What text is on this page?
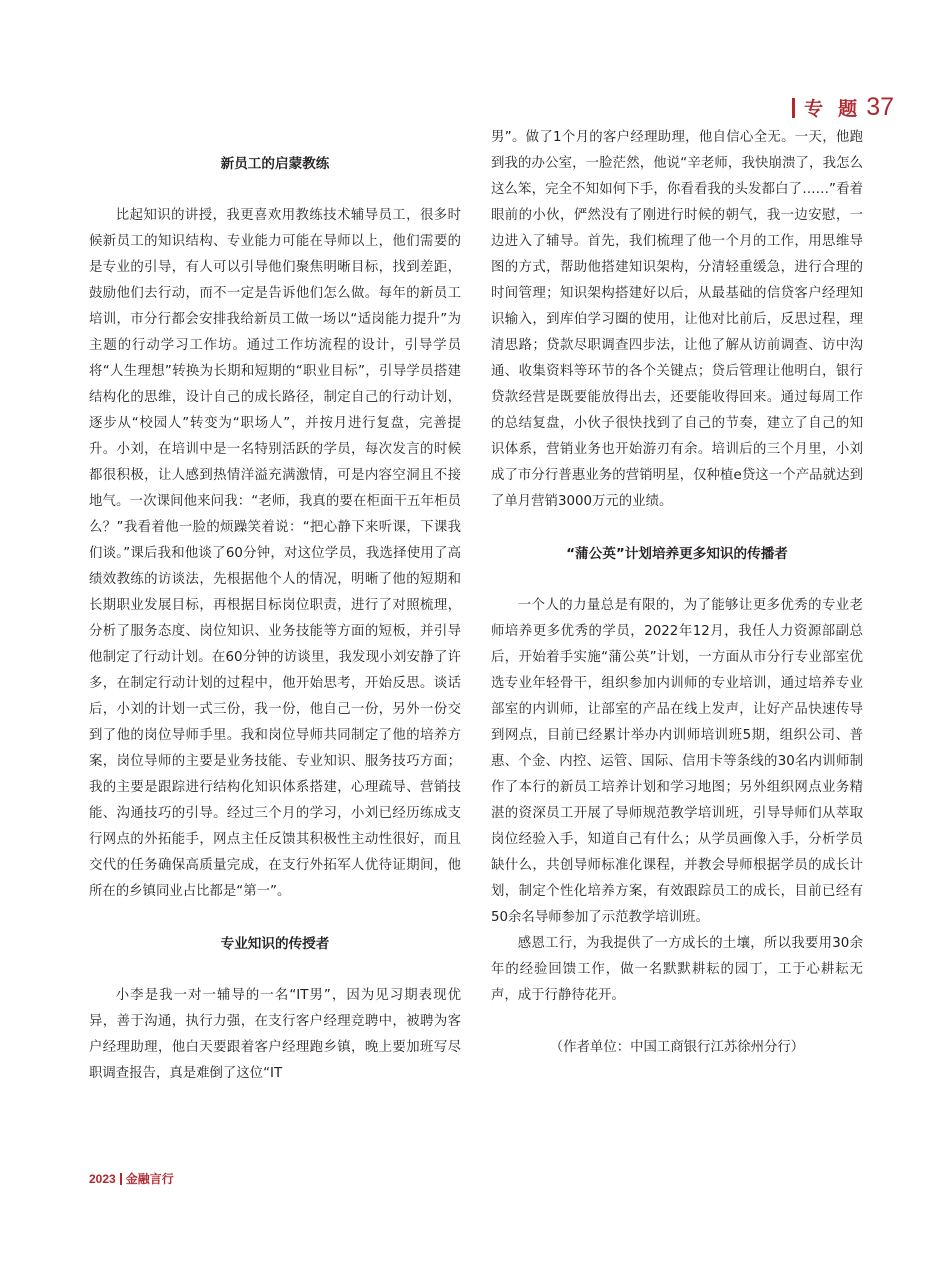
专题
37
新员工的启蒙教练

比起知识的讲授，我更喜欢用教练技术辅导员工，很多时候新员工的知识结构、专业能力可能在导师以上，他们需要的是专业的引导，有人可以引导他们聚焦明晰目标，找到差距，鼓励他们去行动，而不一定是告诉他们怎么做。每年的新员工培训，市分行都会安排我给新员工做一场以“适岗能力提升”为主题的行动学习工作坊。通过工作坊流程的设计，引导学员将“人生理想”转换为长期和短期的“职业目标”，引导学员搭建结构化的思维，设计自己的成长路径，制定自己的行动计划，逐步从“校园人”转变为“职场人”，并按月进行复盘，完善提升。小刘，在培训中是一名特别活跃的学员，每次发言的时候都很积极，让人感到热情洋溢充满激情，可是内容空洞且不接地气。一次课间他来问我：“老师，我真的要在柜面干五年柜员么？”我看着他一脸的烦躁笑着说：“把心静下来听课，下课我们谈。”课后我和他谈了60分钟，对这位学员，我选择使用了高绩效教练的访谈法，先根据他个人的情况，明晰了他的短期和长期职业发展目标，再根据目标岗位职责，进行了对照梳理，分析了服务态度、岗位知识、业务技能等方面的短板，并引导他制定了行动计划。在60分钟的访谈里，我发现小刘安静了许多，在制定行动计划的过程中，他开始思考，开始反思。谈话后，小刘的计划一式三份，我一份，他自己一份，另外一份交到了他的岗位导师手里。我和岗位导师共同制定了他的培养方案，岗位导师的主要是业务技能、专业知识、服务技巧方面；我的主要是跟踪进行结构化知识体系搭建，心理疏导、营销技能、沟通技巧的引导。经过三个月的学习，小刘已经历练成支行网点的外拓能手，网点主任反馈其积极性主动性很好，而且交代的任务确保高质量完成，在支行外拓军人优待证期间，他所在的乡镇同业占比都是“第一”。

专业知识的传授者

小李是我一对一辅导的一名“IT男”，因为见习期表现优异，善于沟通，执行力强，在支行客户经理竞聘中，被聘为客户经理助理，他白天要跟着客户经理跑乡镇，晚上要加班写尽职调查报告，真是难倒了这位“IT

男”。做了1个月的客户经理助理，他自信心全无。一天，他跑到我的办公室，一脸茫然，他说“辛老师，我快崩溃了，我怎么这么笨，完全不知如何下手，你看看我的头发都白了……”看着眼前的小伙，俨然没有了刚进行时候的朝气，我一边安慰，一边进入了辅导。首先，我们梳理了他一个月的工作，用思维导图的方式，帮助他搭建知识架构，分清轻重缓急，进行合理的时间管理；知识架构搭建好以后，从最基础的信贷客户经理知识输入，到库伯学习圈的使用，让他对比前后，反思过程，理清思路；贷款尽职调查四步法，让他了解从访前调查、访中沟通、收集资料等环节的各个关键点；贷后管理让他明白，银行贷款经营是既要能放得出去，还要能收得回来。通过每周工作的总结复盘，小伙子很快找到了自己的节奏，建立了自己的知识体系，营销业务也开始游刃有余。培训后的三个月里，小刘成了市分行普惠业务的营销明星，仅种植e贷这一个产品就达到了单月营销3000万元的业绩。

“蒲公英”计划培养更多知识的传播者

一个人的力量总是有限的，为了能够让更多优秀的专业老师培养更多优秀的学员，2022年12月，我任人力资源部副总后，开始着手实施“蒲公英”计划，一方面从市分行专业部室优选专业年轻骨干，组织参加内训师的专业培训，通过培养专业部室的内训师，让部室的产品在线上发声，让好产品快速传导到网点，目前已经累计举办内训师培训班5期，组织公司、普惠、个金、内控、运管、国际、信用卡等条线的30名内训师制作了本行的新员工培养计划和学习地图；另外组织网点业务精湛的资深员工开展了导师规范教学培训班，引导导师们从萃取岗位经验入手，知道自己有什么；从学员画像入手，分析学员缺什么，共创导师标准化课程，并教会导师根据学员的成长计划，制定个性化培养方案，有效跟踪员工的成长，目前已经有50余名导师参加了示范教学培训班。

感恩工行，为我提供了一方成长的土壤，所以我要用30余年的经验回馈工作，做一名默默耕耘的园丁，工于心耕耘无声，成于行静待花开。

（作者单位：中国工商银行江苏徐州分行）

2023 金融言行
